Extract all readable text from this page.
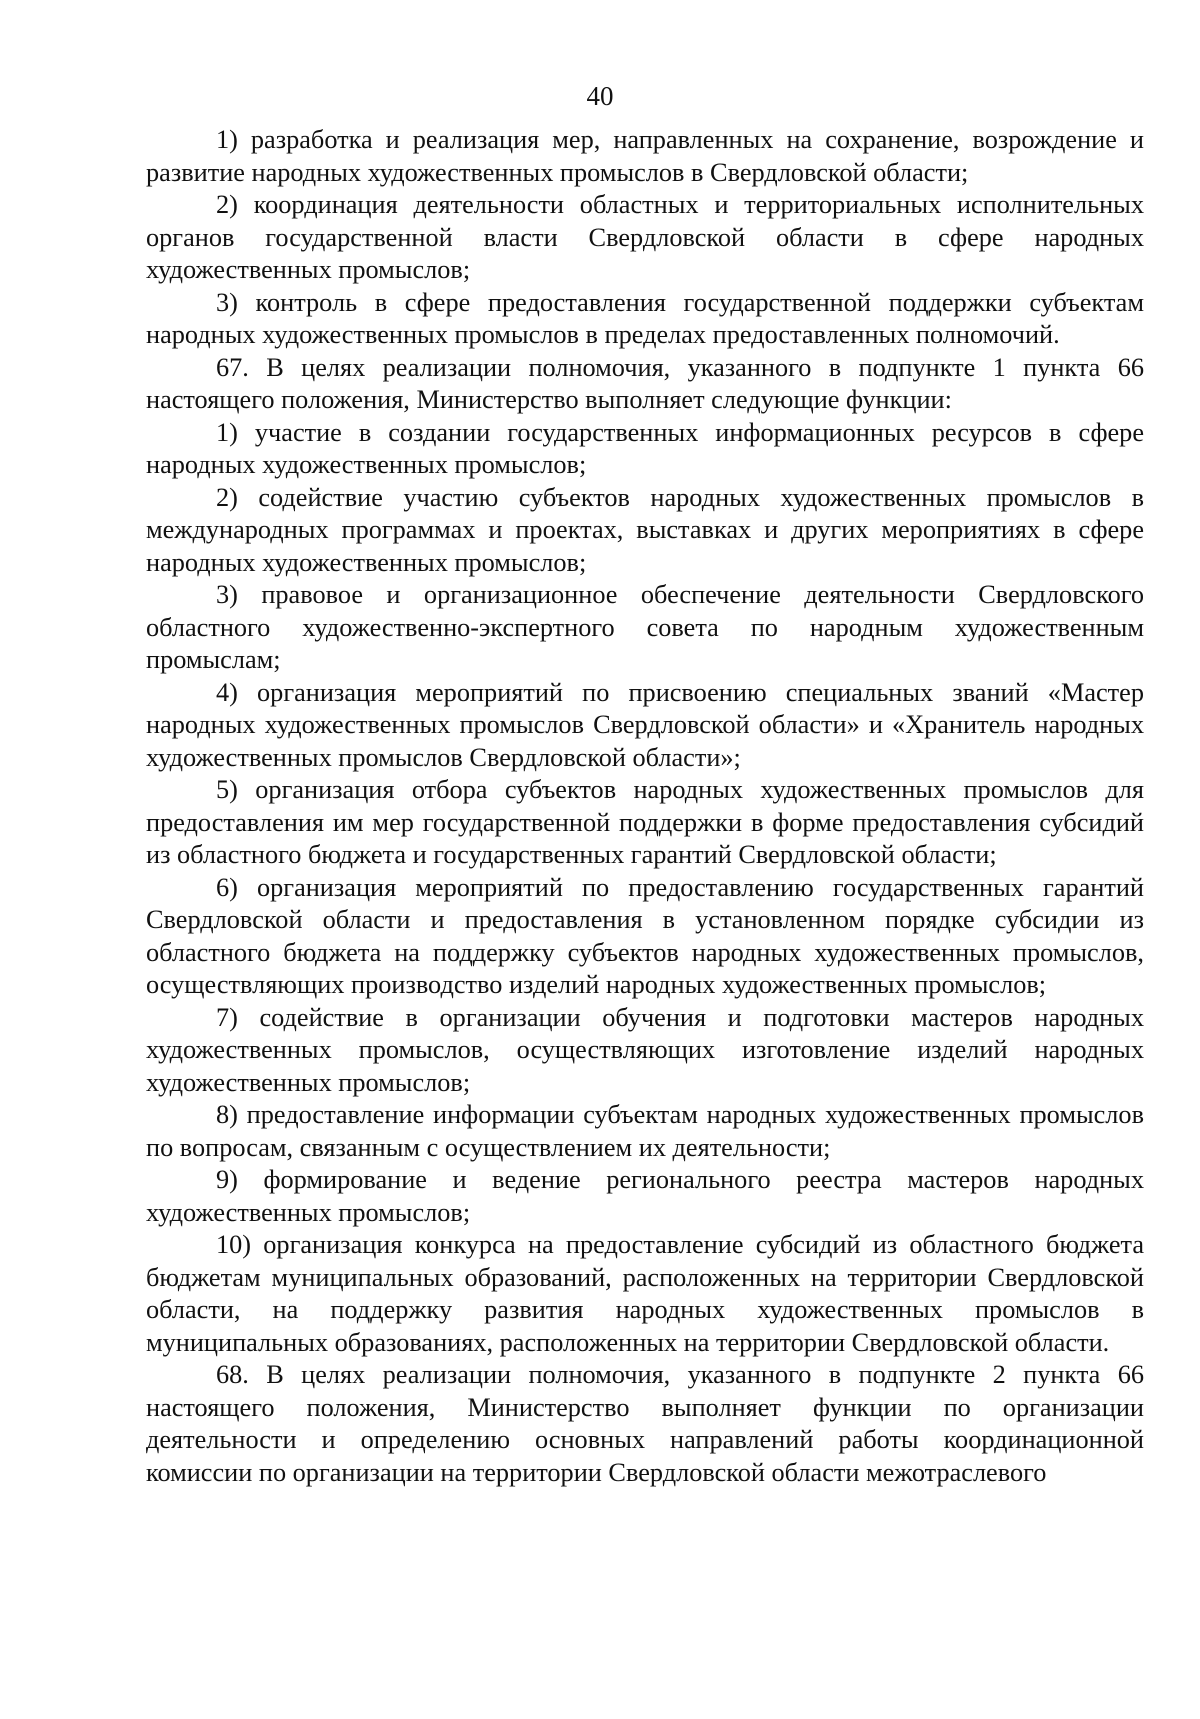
40

1) разработка и реализация мер, направленных на сохранение, возрождение и развитие народных художественных промыслов в Свердловской области;

2) координация деятельности областных и территориальных исполнительных органов государственной власти Свердловской области в сфере народных художественных промыслов;

3) контроль в сфере предоставления государственной поддержки субъектам народных художественных промыслов в пределах предоставленных полномочий.

67. В целях реализации полномочия, указанного в подпункте 1 пункта 66 настоящего положения, Министерство выполняет следующие функции:

1) участие в создании государственных информационных ресурсов в сфере народных художественных промыслов;

2) содействие участию субъектов народных художественных промыслов в международных программах и проектах, выставках и других мероприятиях в сфере народных художественных промыслов;

3) правовое и организационное обеспечение деятельности Свердловского областного художественно-экспертного совета по народным художественным промыслам;

4) организация мероприятий по присвоению специальных званий «Мастер народных художественных промыслов Свердловской области» и «Хранитель народных художественных промыслов Свердловской области»;

5) организация отбора субъектов народных художественных промыслов для предоставления им мер государственной поддержки в форме предоставления субсидий из областного бюджета и государственных гарантий Свердловской области;

6) организация мероприятий по предоставлению государственных гарантий Свердловской области и предоставления в установленном порядке субсидии из областного бюджета на поддержку субъектов народных художественных промыслов, осуществляющих производство изделий народных художественных промыслов;

7) содействие в организации обучения и подготовки мастеров народных художественных промыслов, осуществляющих изготовление изделий народных художественных промыслов;

8) предоставление информации субъектам народных художественных промыслов по вопросам, связанным с осуществлением их деятельности;

9) формирование и ведение регионального реестра мастеров народных художественных промыслов;

10) организация конкурса на предоставление субсидий из областного бюджета бюджетам муниципальных образований, расположенных на территории Свердловской области, на поддержку развития народных художественных промыслов в муниципальных образованиях, расположенных на территории Свердловской области.

68. В целях реализации полномочия, указанного в подпункте 2 пункта 66 настоящего положения, Министерство выполняет функции по организации деятельности и определению основных направлений работы координационной комиссии по организации на территории Свердловской области межотраслевого
